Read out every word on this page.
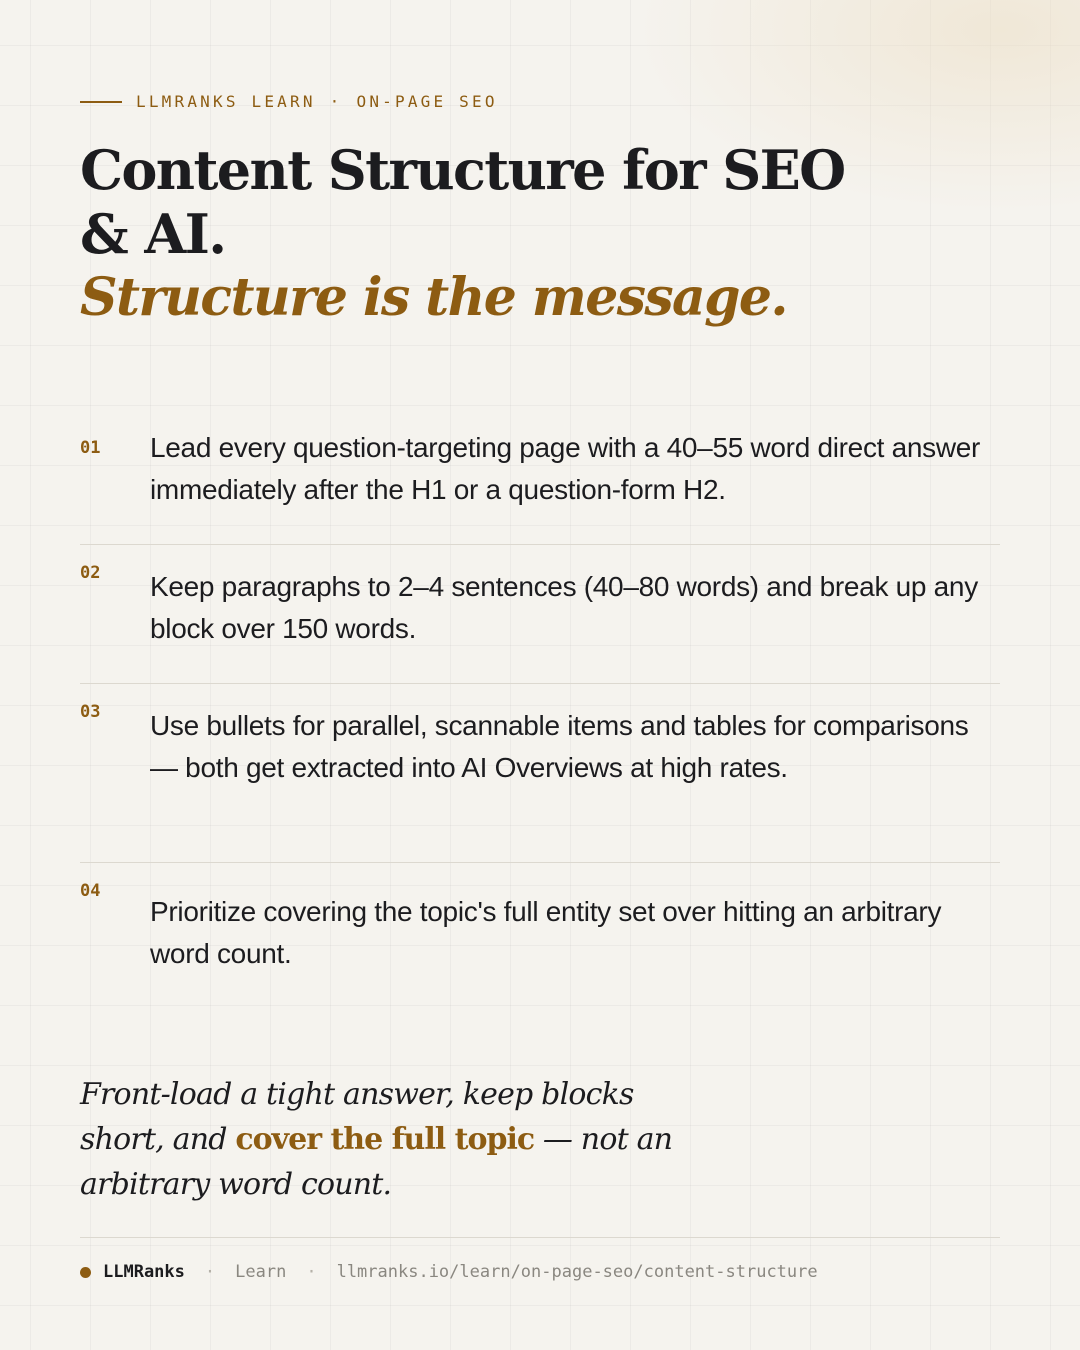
LLMRANKS LEARN · ON-PAGE SEO
Content Structure for SEO & AI.
Structure is the message.
01 Lead every question-targeting page with a 40–55 word direct answer immediately after the H1 or a question-form H2.
02 Keep paragraphs to 2–4 sentences (40–80 words) and break up any block over 150 words.
03 Use bullets for parallel, scannable items and tables for comparisons — both get extracted into AI Overviews at high rates.
04
Prioritize covering the topic's full entity set over hitting an arbitrary word count.

Front-load a tight answer, keep blocks short, and cover the full topic — not an arbitrary word count.

LLMRanks · Learn · llmranks.io/learn/on-page-seo/content-structure
